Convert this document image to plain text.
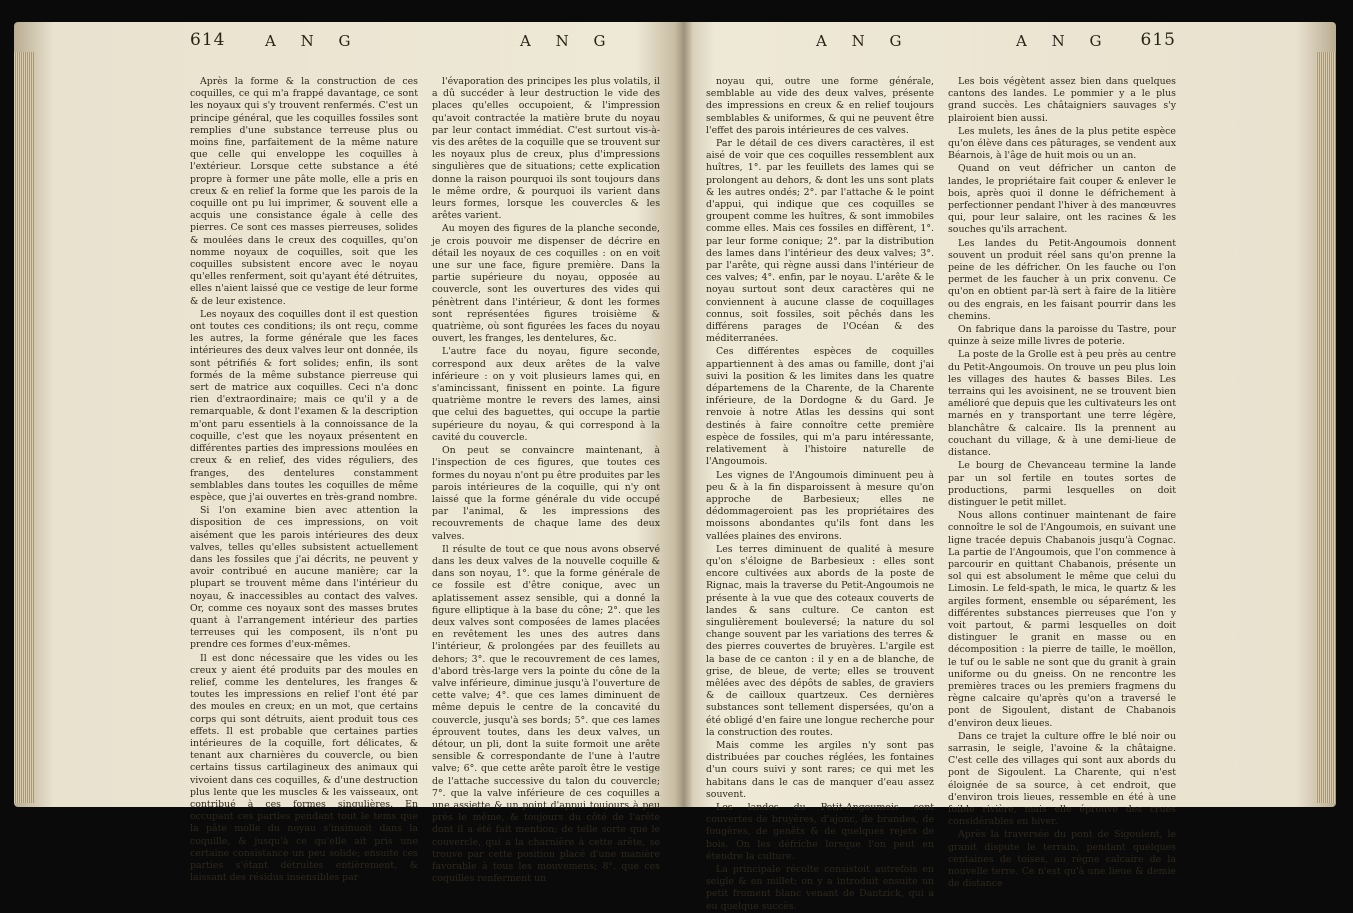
614	A N G	A N G

Après la forme & la construction de ces coquilles, ce qui m'a frappé davantage, ce sont les noyaux qui s'y trouvent renfermés. C'est un principe général, que les coquilles fossiles sont remplies d'une substance terreuse plus ou moins fine, parfaitement de la même nature que celle qui enveloppe les coquilles à l'extérieur. Lorsque cette substance a été propre à former une pâte molle, elle a pris en creux & en relief la forme que les parois de la coquille ont pu lui imprimer, & souvent elle a acquis une consistance égale à celle des pierres. Ce sont ces masses pierreuses, solides & moulées dans le creux des coquilles, qu'on nomme noyaux de coquilles, soit que les coquilles subsistent encore avec le noyau qu'elles renferment, soit qu'ayant été détruites, elles n'aient laissé que ce vestige de leur forme & de leur existence.

Les noyaux des coquilles dont il est question ont toutes ces conditions; ils ont reçu, comme les autres, la forme générale que les faces intérieures des deux valves leur ont donnée, ils sont pétrifiés & fort solides; enfin, ils sont formés de la même substance pierreuse qui sert de matrice aux coquilles. Ceci n'a donc rien d'extraordinaire; mais ce qu'il y a de remarquable, & dont l'examen & la description m'ont paru essentiels à la connoissance de la coquille, c'est que les noyaux présentent en différentes parties des impressions moulées en creux & en relief, des vides réguliers, des franges, des dentelures constamment semblables dans toutes les coquilles de même espèce, que j'ai ouvertes en très-grand nombre.

Si l'on examine bien avec attention la disposition de ces impressions, on voit aisément que les parois intérieures des deux valves, telles qu'elles subsistent actuellement dans les fossiles que j'ai décrits, ne peuvent y avoir contribué en aucune manière; car la plupart se trouvent même dans l'intérieur du noyau, & inaccessibles au contact des valves. Or, comme ces noyaux sont des masses brutes quant à l'arrangement intérieur des parties terreuses qui les composent, ils n'ont pu prendre ces formes d'eux-mêmes.

Il est donc nécessaire que les vides ou les creux y aient été produits par des moules en relief, comme les dentelures, les franges & toutes les impressions en relief l'ont été par des moules en creux; en un mot, que certains corps qui sont détruits, aient produit tous ces effets. Il est probable que certaines parties intérieures de la coquille, fort délicates, & tenant aux charnières du couvercle, ou bien certains tissus cartilagineux des animaux qui vivoient dans ces coquilles, & d'une destruction plus lente que les muscles & les vaisseaux, ont contribué à ces formes singulières. En occupant ces parties pendant tout le tems que la pâte molle du noyau s'insinuoit dans la coquille, & jusqu'à ce qu'elle ait pris une certaine consistance un peu solide; ensuite ces parties s'étant détruites entièrement, & laissant des résidus insensibles par

l'évaporation des principes les plus volatils, il a dû succéder à leur destruction le vide des places qu'elles occupoient, & l'impression qu'avoit contractée la matière brute du noyau par leur contact immédiat. C'est surtout vis-à-vis des arêtes de la coquille que se trouvent sur les noyaux plus de creux, plus d'impressions singulières que de situations; cette explication donne la raison pourquoi ils sont toujours dans le même ordre, & pourquoi ils varient dans leurs formes, lorsque les couvercles & les arêtes varient.

Au moyen des figures de la planche seconde, je crois pouvoir me dispenser de décrire en détail les noyaux de ces coquilles : on en voit une sur une face, figure première. Dans la partie supérieure du noyau, opposée au couvercle, sont les ouvertures des vides qui pénètrent dans l'intérieur, & dont les formes sont représentées figures troisième & quatrième, où sont figurées les faces du noyau ouvert, les franges, les dentelures, &c.

L'autre face du noyau, figure seconde, correspond aux deux arêtes de la valve inférieure : on y voit plusieurs lames qui, en s'amincissant, finissent en pointe. La figure quatrième montre le revers des lames, ainsi que celui des baguettes, qui occupe la partie supérieure du noyau, & qui correspond à la cavité du couvercle.

On peut se convaincre maintenant, à l'inspection de ces figures, que toutes ces formes du noyau n'ont pu être produites par les parois intérieures de la coquille, qui n'y ont laissé que la forme générale du vide occupé par l'animal, & les impressions des recouvrements de chaque lame des deux valves.

Il résulte de tout ce que nous avons observé dans les deux valves de la nouvelle coquille & dans son noyau, 1°. que la forme générale de ce fossile est d'être conique, avec un aplatissement assez sensible, qui a donné la figure elliptique à la base du cône; 2°. que les deux valves sont composées de lames placées en revêtement les unes des autres dans l'intérieur, & prolongées par des feuillets au dehors; 3°. que le recouvrement de ces lames, d'abord très-large vers la pointe du cône de la valve inférieure, diminue jusqu'à l'ouverture de cette valve; 4°. que ces lames diminuent de même depuis le centre de la concavité du couvercle, jusqu'à ses bords; 5°. que ces lames éprouvent toutes, dans les deux valves, un détour, un pli, dont la suite formoit une arête sensible & correspondante de l'une à l'autre valve; 6°. que cette arête paroît être le vestige de l'attache successive du talon du couvercle; 7°. que la valve inférieure de ces coquilles a une assiette & un point d'appui toujours à peu près le même, & toujours du côté de l'arête dont il a été fait mention; de telle sorte que le couvercle, qui a la charnière à cette arête, se trouve par cette position placé d'une manière favorable à tous les mouvemens; 8°. que ces coquilles renferment un

A N G	A N G 615

noyau qui, outre une forme générale, semblable au vide des deux valves, présente des impressions en creux & en relief toujours semblables & uniformes, & qui ne peuvent être l'effet des parois intérieures de ces valves.

Par le détail de ces divers caractères, il est aisé de voir que ces coquilles ressemblent aux huîtres, 1°. par les feuillets des lames qui se prolongent au dehors, & dont les uns sont plats & les autres ondés; 2°. par l'attache & le point d'appui, qui indique que ces coquilles se groupent comme les huîtres, & sont immobiles comme elles. Mais ces fossiles en diffèrent, 1°. par leur forme conique; 2°. par la distribution des lames dans l'intérieur des deux valves; 3°. par l'arête, qui règne aussi dans l'intérieur de ces valves; 4°. enfin, par le noyau. L'arête & le noyau surtout sont deux caractères qui ne conviennent à aucune classe de coquillages connus, soit fossiles, soit pêchés dans les différens parages de l'Océan & des méditerranées.

Ces différentes espèces de coquilles appartiennent à des amas ou famille, dont j'ai suivi la position & les limites dans les quatre départemens de la Charente, de la Charente inférieure, de la Dordogne & du Gard. Je renvoie à notre Atlas les dessins qui sont destinés à faire connoître cette première espèce de fossiles, qui m'a paru intéressante, relativement à l'histoire naturelle de l'Angoumois.

Les vignes de l'Angoumois diminuent peu à peu & à la fin disparoissent à mesure qu'on approche de Barbesieux; elles ne dédommageroient pas les propriétaires des moissons abondantes qu'ils font dans les vallées plaines des environs.

Les terres diminuent de qualité à mesure qu'on s'éloigne de Barbesieux : elles sont encore cultivées aux abords de la poste de Rignac, mais la traverse du Petit-Angoumois ne présente à la vue que des coteaux couverts de landes & sans culture. Ce canton est singulièrement bouleversé; la nature du sol change souvent par les variations des terres & des pierres couvertes de bruyères. L'argile est la base de ce canton : il y en a de blanche, de grise, de bleue, de verte; elles se trouvent mêlées avec des dépôts de sables, de graviers & de cailloux quartzeux. Ces dernières substances sont tellement dispersées, qu'on a été obligé d'en faire une longue recherche pour la construction des routes.

Mais comme les argiles n'y sont pas distribuées par couches réglées, les fontaines d'un cours suivi y sont rares; ce qui met les habitans dans le cas de manquer d'eau assez souvent.

Les landes du Petit-Angoumois sont couvertes de bruyères, d'ajonc, de brandes, de fougères, de genêts & de quelques rejets de bois. On les défriche lorsque l'on peut en étendre la culture.

La principale récolte consistoit autrefois en seigle & en millet; on y a introduit ensuite un petit froment blanc venant de Dantzick, qui a eu quelque succès.

Les bois végètent assez bien dans quelques cantons des landes. Le pommier y a le plus grand succès. Les châtaigniers sauvages s'y plairoient bien aussi.

Les mulets, les ânes de la plus petite espèce qu'on élève dans ces pâturages, se vendent aux Béarnois, à l'âge de huit mois ou un an.

Quand on veut défricher un canton de landes, le propriétaire fait couper & enlever le bois, après quoi il donne le défrichement à perfectionner pendant l'hiver à des manœuvres qui, pour leur salaire, ont les racines & les souches qu'ils arrachent.

Les landes du Petit-Angoumois donnent souvent un produit réel sans qu'on prenne la peine de les défricher. On les fauche ou l'on permet de les faucher à un prix convenu. Ce qu'on en obtient par-là sert à faire de la litière ou des engrais, en les faisant pourrir dans les chemins.

On fabrique dans la paroisse du Tastre, pour quinze à seize mille livres de poterie.

La poste de la Grolle est à peu près au centre du Petit-Angoumois. On trouve un peu plus loin les villages des hautes & basses Biles. Les terrains qui les avoisinent, ne se trouvent bien amélioré que depuis que les cultivateurs les ont marnés en y transportant une terre légère, blanchâtre & calcaire. Ils la prennent au couchant du village, & à une demi-lieue de distance.

Le bourg de Chevanceau termine la lande par un sol fertile en toutes sortes de productions, parmi lesquelles on doit distinguer le petit millet.

Nous allons continuer maintenant de faire connoître le sol de l'Angoumois, en suivant une ligne tracée depuis Chabanois jusqu'à Cognac. La partie de l'Angoumois, que l'on commence à parcourir en quittant Chabanois, présente un sol qui est absolument le même que celui du Limosin. Le feld-spath, le mica, le quartz & les argiles forment, ensemble ou séparément, les différentes substances pierreuses que l'on y voit partout, & parmi lesquelles on doit distinguer le granit en masse ou en décomposition : la pierre de taille, le moëllon, le tuf ou le sable ne sont que du granit à grain uniforme ou du gneiss. On ne rencontre les premières traces ou les premiers fragmens du règne calcaire qu'après qu'on a traversé le pont de Sigoulent, distant de Chabanois d'environ deux lieues.

Dans ce trajet la culture offre le blé noir ou sarrasin, le seigle, l'avoine & la châtaigne. C'est celle des villages qui sont aux abords du pont de Sigoulent. La Charente, qui n'est éloignée de sa source, à cet endroit, que d'environ trois lieues, ressemble en été à une foible rivière, mais elle éprouve des crues considérables en hiver.

Après la traversée du pont de Sigoulent, le granit dispute le terrain, pendant quelques centaines de toises, au règne calcaire de la nouvelle terre. Ce n'est qu'à une lieue & demie de distance
